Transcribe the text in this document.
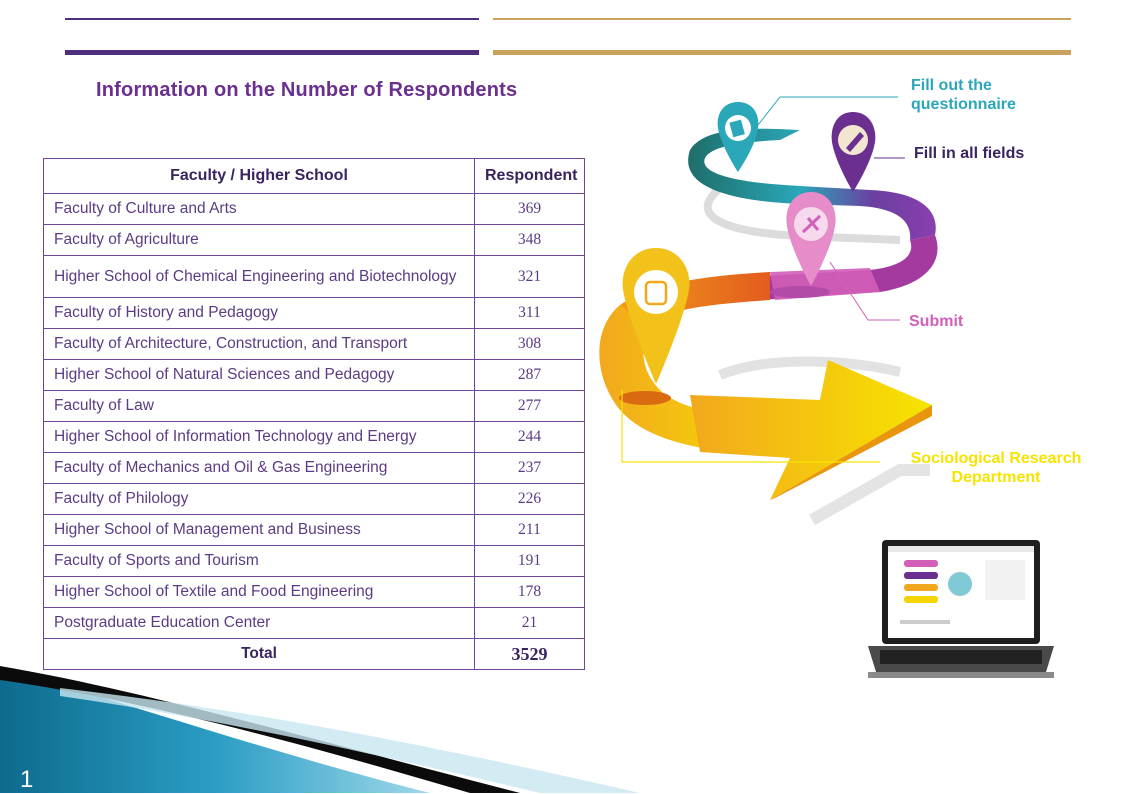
Information on the Number of Respondents
Faculty / Higher School	Respondent
Faculty of Culture and Arts	369
Faculty of Agriculture	348
Higher School of Chemical Engineering and Biotechnology	321
Faculty of History and Pedagogy	311
Faculty of Architecture, Construction, and Transport	308
Higher School of Natural Sciences and Pedagogy	287
Faculty of Law	277
Higher School of Information Technology and Energy	244
Faculty of Mechanics and Oil & Gas Engineering	237
Faculty of Philology	226
Higher School of Management and Business	211
Faculty of Sports and Tourism	191
Higher School of Textile and Food Engineering	178
Postgraduate Education Center	21
Total	3529
Fill out the questionnaire
Fill in all fields
Submit
Sociological Research Department
1
